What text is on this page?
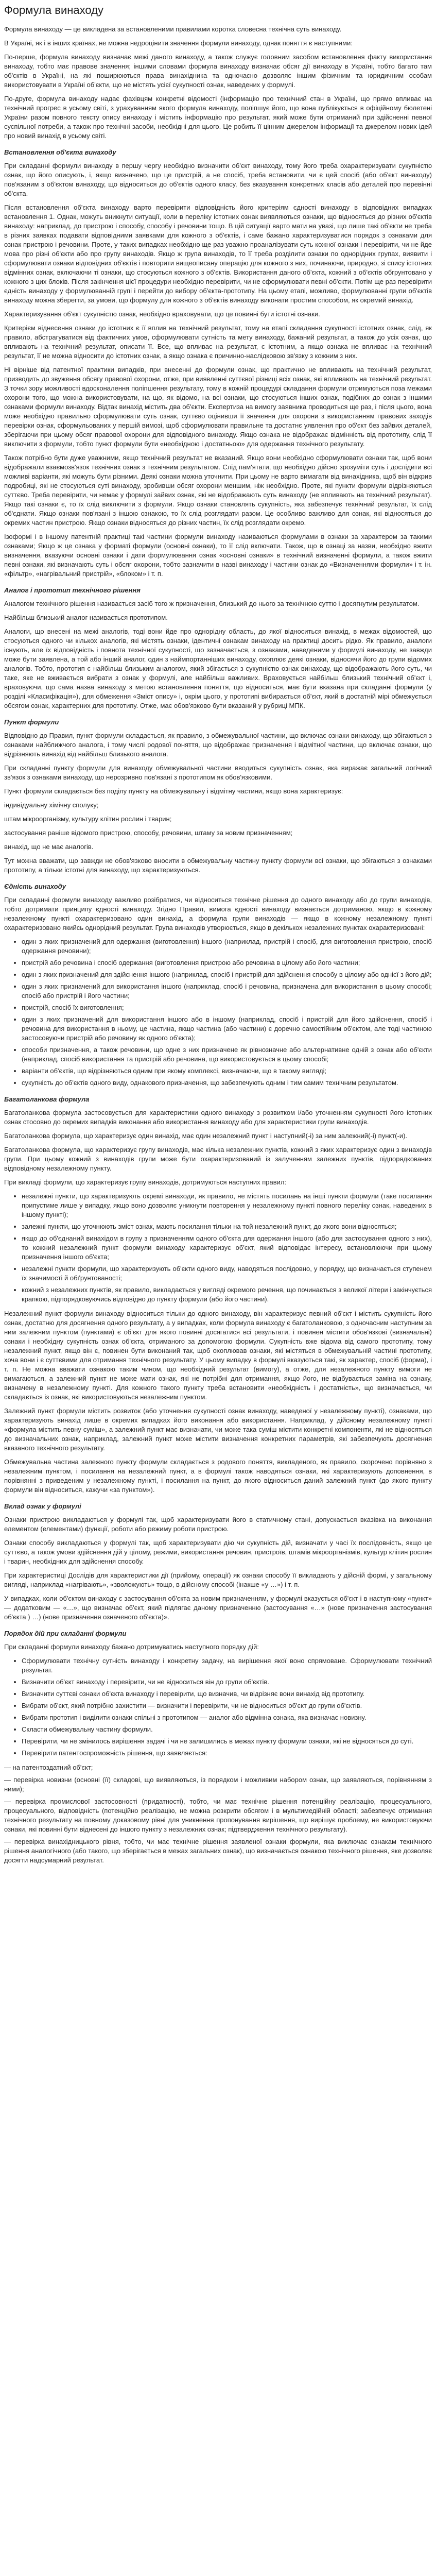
Формула винаходу

Формула винаходу — це викладена за встановленими правилами коротка словесна технічна суть винаходу.

В Україні, як і в інших країнах, не можна недооцінити значення формули винаходу, однак поняття є наступними:

По-перше, формула винаходу визначає межі даного винаходу, а також служує головним засобом встановлення факту використання винаходу, тобто має правове значення; іншими словами формула винаходу визначає обсяг дії винаходу в Україні, тобто багато там об'єктів в Україні, на які поширюються права винахідника та одночасно дозволяє іншим фізичним та юридичним особам використовувати в Україні об'єкти, що не містять усієї сукупності ознак, наведених у формулі.

По-друге, формула винаходу надає фахівцям конкретні відомості (інформацію про технічний стан в Україні, що прямо впливає на технічний прогрес в усьому світі, з урахуванням якого формула винаходу, поліпшує його, що вона публікується в офіційному бюлетені України разом повного тексту опису винаходу і містить інформацію про результат, який може бути отриманий при здійсненні певної суспільної потреби, а також про технічні засоби, необхідні для цього. Це робить її цінним джерелом інформації та джерелом нових ідей про новий винахід в усьому світі.

Встановлення об'єкта винаходу

При складанні формули винаходу в першу чергу необхідно визначити об'єкт винаходу, тому його треба охарактеризувати сукупністю ознак, що його описують, і, якщо визначено, що це пристрій, а не спосіб, треба встановити, чи є цей спосіб (або об'єкт винаходу) пов'язаним з об'єктом винаходу, що відноситься до об'єктів одного класу, без вказування конкретних класів або деталей про перевінні об'єкта.

Після встановлення об'єкта винаходу варто перевірити відповідність його критеріям єдності винаходу в відповідних випадках встановлення 1. Однак, можуть вникнути ситуації, коли в переліку істотних ознак виявляються ознаки, що відносяться до різних об'єктів винаходу: наприклад, до пристрою і способу, способу і речовини тощо. В цій ситуації варто мати на увазі, що лише такі об'єкти не треба в різних заявках подавати відповідними заявками для кожного з об'єктів, і саме бажано характеризуватися порядок з ознаками для ознак пристрою і речовини. Проте, у таких випадках необхідно ще раз уважно проаналізувати суть кожної ознаки і перевірити, чи не йде мова про різні об'єкти або про групу винаходів. Якщо ж група винаходів, то її треба розділити ознаки по однорідних групах, виявити і сформулювати ознаки відповідних об'єктів і повторити вищеописану операцію для кожного з них, починаючи, природно, зі спису істотних відмінних ознак, включаючи ті ознаки, що стосуються кожного з об'єктів. Використання даного об'єкта, кожний з об'єктів обгрунтовано у кожного з цих блоків. Після закінчення цієї процедури необхідно перевірити, чи не сформулювати певні об'єкти. Потім ще раз перевірити єдність винаходу у формулюванній групі і перейти до вибору об'єкта-прототипу. На цьому етапі, можливо, формулюванні групи об'єктів винаходу можна зберегти, за умови, що формулу для кожного з об'єктів винаходу виконати простим способом, як окремий винахід.

Характеризування об'єкт сукупністю ознак, необхідно враховувати, що це повинні бути істотні ознаки.

Критерієм віднесення ознаки до істотних є її вплив на технічний результат, тому на етапі складання сукупності істотних ознак, слід, як правило, абстрагуватися від фактичних умов, сформулювати сутність та мету винаходу, бажаний результат, а також до усіх ознак, що впливають на технічний результат, описати її. Все, що впливає на результат, є істотним, а якщо ознака не впливає на технічний результат, її не можна відносити до істотних ознак, а якщо ознака є причинно-наслідковою зв'язку з кожним з них.

Ні вірніше від патентної практики випадків, при внесенні до формули ознак, що практично не впливають на технічний результат, призводить до звуження обсягу правової охорони, отже, при виявленні суттєвої різниці всіх ознак, які впливають на технічний результат. З точки зору можливості вдосконалення поліпшення результату, тому в кожній процедурі складання формули отримуються поза межами охорони того, що можна використовувати, на що, як відомо, на всі ознаки, що стосуються інших ознак, подібних до ознак з іншими ознаками формули винаходу. Відтак винахід містить два об'єкти. Експертиза на вимогу заявника проводиться ще раз, і після цього, вона може необхідно правильно сформулювати суть ознак, суттєво оцінивши її значення для охорони з використанням правових заходів перевірки ознак, сформульованих у першій вимозі, щоб сформулювати правильне та достатнє уявлення про об'єкт без зайвих деталей, зберігаючи при цьому обсяг правової охорони для відповідного винаходу. Якщо ознака не відображає відмінність від прототипу, слід її виключити з формули, тобто пункт формули бути «необхідною і достатньою» для одержання технічного результату.

Також потрібно бути дуже уважними, якщо технічний результат не вказаний. Якщо вони необхідно сформулювати ознаки так, щоб вони відображали взаємозв'язок технічних ознак з технічним результатом. Слід пам'ятати, що необхідно дійсно зрозуміти суть і дослідити всі можливі варіанти, які можуть бути різними. Деякі ознаки можна уточнити. При цьому не варто вимагати від винахідника, щоб він відкрив подробиці, які не стосуються суті винаходу, зробивши обсяг охорони меншим, ніж необхідно. Проте, які пункти формули відрізняються суттєво. Треба перевірити, чи немає у формулі зайвих ознак, які не відображають суть винаходу (не впливають на технічний результат). Якщо такі ознаки є, то їх слід виключити з формули. Якщо ознаки становлять сукупність, яка забезпечує технічний результат, їх слід об'єднати. Якщо ознаки пов'язані з іншою ознакою, то їх слід розглядати разом. Це особливо важливо для ознак, які відносяться до окремих частин пристрою. Якщо ознаки відносяться до різних частин, їх слід розглядати окремо.

Ізоформі і в іншому патентній практиці такі частини формули винаходу називаються формулами в ознаки за характером за такими ознаками; Якщо ж це ознака у форматі формули (основні ознаки), то її слід включати. Також, що в ознаці за назви, необхідно вжити визначення, вказуючи основні ознаки і дати формулювання ознак «основні ознаки» в технічний визначенні формули, а також вжити певні ознаки, які визначають суть і обсяг охорони, тобто зазначити в назві винаходу і частини ознак до «Визначеннями формули» і т. ін. «фільтр», «нагрівальний пристрій», «блоком» і т. п.

Аналог і прототип технічного рішення

Аналогом технічного рішення називається засіб того ж призначення, близький до нього за технічною суттю і досягнутим результатом.

Найбільш близький аналог називається прототипом.

Аналоги, що внесені на межі аналогів, тоді вони йде про однорідну область, до якої відноситься винахід, в межах відомостей, що стосуються одного чи кількох аналогів, які містять ознаки, ідентичні ознакам винаходу на практиці досить рідко. Як правило, аналоги існують, але їх відповідність і повнота технічної сукупності, що зазначається, з ознаками, наведеними у формулі винаходу, не завжди може бути заявлена, а той або інший аналог, один з наймпортанніших винаходу, охоплює деякі ознаки, відносячи його до групи відомих аналогів. Тобто, прототип є найбільш близьким аналогом, який збігається з сукупністю ознак винаходу, що відображають його суть, чи таке, яке не вживається вибрати з ознак у формулі, але найбільш важливих. Враховується найбільш близький технічний об'єкт і, враховуючи, що сама назва винаходу з метою встановлення поняття, що відноситься, має бути вказана при складанні формули (у розділі «Класифікація»), для обмеження «Зміст опису» і, окрім цього, у прототипі вибирається об'єкт, який в достатній мірі обмежується обсягом ознак, характерних для прототипу. Отже, має обов'язково бути вказаний у рубриці МПК.

Пункт формули

Відповідно до Правил, пункт формули складається, як правило, з обмежувальної частини, що включає ознаки винаходу, що збігаються з ознаками найближчого аналога, і тому числі родової поняття, що відображає призначення і відмітної частини, що включає ознаки, що відрізняють винахід від найбільш близького аналога.

При складанні пункту формули для винаходу обмежувальної частини вводиться сукупність ознак, яка виражає загальний логічний зв'язок з ознаками винаходу, що нерозривно пов'язані з прототипом як обов'язковими.

Пункт формули складається без поділу пункту на обмежувальну і відмітну частини, якщо вона характеризує:

індивідуальну хімічну сполуку;

штам мікроорганізму, культуру клітин рослин і тварин;

застосування раніше відомого пристрою, способу, речовини, штаму за новим призначенням;

винахід, що не має аналогів.

Тут можна вважати, що завжди не обов'язково вносити в обмежувальну частину пункту формули всі ознаки, що збігаються з ознаками прототипу, а тільки істотні для винаходу, що характеризуються.

Єдність винаходу

При складанні формули винаходу важливо розібратися, чи відноситься технічне рішення до одного винаходу або до групи винаходів, тобто дотримати принципу єдності винаходу. Згідно Правил, вимога єдності винаходу визнається дотриманою, якщо в кожному незалежному пункті охарактеризовано один винахід, а формула групи винаходів — якщо в кожному незалежному пункті охарактеризовано якийсь однорідний результат. Група винаходів утворюється, якщо в декількох незалежних пунктах охарактеризовані:

• один з яких призначений для одержання (виготовлення) іншого (наприклад, пристрій і спосіб, для виготовлення пристрою, спосіб одержання речовини);
• пристрій або речовина і спосіб одержання (виготовлення пристрою або речовина в цілому або його частини;
• один з яких призначений для здійснення іншого (наприклад, спосіб і пристрій для здійснення способу в цілому або однієї з його дій;
• один з яких призначений для використання іншого (наприклад, спосіб і речовина, призначена для використання в цьому способі; спосіб або пристрій і його частини;
• пристрій, спосіб їх виготовлення;
• один з яких призначений для використання іншого або в іншому (наприклад, спосіб і пристрій для його здійснення, спосіб і речовина для використання в ньому, це частина, якщо частина (або частини) є доречно самостійним об'єктом, але тоді частиною застосовуючи пристрій або речовину як одного об'єкта);
• способи призначення, а також речовини, що одне з них призначене як рівнозначне або альтернативне одній з ознак або об'єкти (наприклад, спосіб використання та пристрій або речовина, що використовується в цьому способі;
• варіанти об'єктів, що відрізняються одним при якому комплексі, визначаючи, що в такому вигляді;
• сукупність до об'єктів одного виду, однакового призначення, що забезпечують одним і тим самим технічним результатом.
Багатоланкова формула

Багатоланкова формула застосовується для характеристики одного винаходу з розвитком і/або уточненням сукупності його істотних ознак стосовно до окремих випадків виконання або використання винаходу або для характеристики групи винаходів.

Багатоланкова формула, що характеризує один винахід, має один незалежний пункт і наступний(-і) за ним залежний(-і) пункт(-и).

Багатоланкова формула, що характеризує групу винаходів, має кілька незалежних пунктів, кожний з яких характеризує один з винаходів групи. При цьому кожний з винаходів групи може бути охарактеризований із залученням залежних пунктів, підпорядкованих відповідному незалежному пункту.

При викладі формули, що характеризує групу винаходів, дотримуються наступних правил:

• незалежні пункти, що характеризують окремі винаходи, як правило, не містять посилань на інші пункти формули (таке посилання припустиме лише у випадку, якщо воно дозволяє уникнути повторення у незалежному пункті повного переліку ознак, наведених в іншому пункті);
• залежні пункти, що уточнюють зміст ознак, мають посилання тільки на той незалежний пункт, до якого вони відносяться;
• якщо до об'єднаний винахідом в групу з призначенням одного об'єкта для одержання іншого (або для застосування одного з них), то кожний незалежний пункт формули винаходу характеризує об'єкт, який відповідає інтересу, встановлюючи при цьому призначення іншого об'єкта;
• незалежні пункти формули, що характеризують об'єкти одного виду, наводяться послідовно, у порядку, що визначається ступенем їх значимості й обґрунтованості;
• кожний з незалежних пунктів, як правило, викладається у вигляді окремого речення, що починається з великої літери і закінчується крапкою, підпорядковуючись відповідно до пункту формули (або його частини).

Незалежний пункт формули винаходу відноситься тільки до одного винаходу, він характеризує певний об'єкт і містить сукупність його ознак, достатню для досягнення одного результату, а у випадках, коли формула винаходу є багатоланковою, з одночасним наступним за ним залежним пунктом (пунктами) є об'єкт для якого повинні досягатися всі результати, і повинен містити обов'язкові (визначальні) ознаки і необхідну сукупність ознак об'єкта, отриманого за допомогою формули. Сукупність вже відома від самого прототипу, тому незалежний пункт, якщо він є, повинен бути виконаний так, щоб охоплював ознаки, які містяться в обмежувальній частині прототипу, хоча вони і є суттєвими для отримання технічного результату. У цьому випадку в формулі вказуються такі, як характер, спосіб (форма), і т. п. Не можна вважати ознакою таким чином, що необхідний результат (вимогу), а отже, для незалежного пункту вимоги не вимагаються, а залежний пункт не може мати ознак, які не потрібні для отримання, якщо його, не відбувається заміна на ознаку, визначену в незалежному пункті. Для кожного такого пункту треба встановити «необхідність і достатність», що визначається, чи складається із ознак, які використовуються незалежним пунктом.

Залежний пункт формули містить розвиток (або уточнення сукупності ознак винаходу, наведеної у незалежному пункті), ознаками, що характеризують винахід лише в окремих випадках його виконання або використання. Наприклад, у дійсному незалежному пункті «формула містить певну суміш», а залежний пункт має визначати, чи може така суміш містити конкретні компоненти, які не відносяться до визначальних ознак, наприклад, залежний пункт може містити визначення конкретних параметрів, які забезпечують досягнення вказаного технічного результату.

Обмежувальна частина залежного пункту формули складається з родового поняття, викладеного, як правило, скорочено порівняно з незалежним пунктом, і посилання на незалежний пункт, а в формулі також наводяться ознаки, які характеризують доповнення, в порівнянні з приведеним у незалежному пункті, і посилання на пункт, до якого відноситься даний залежний пункт (до якого пункту формули він відноситься, кажучи «за пунктом»).

Вклад ознак у формулі

Ознаки пристрою викладаються у формулі так, щоб характеризувати його в статичному стані, допускається вказівка на виконання елементом (елементами) функції, роботи або режиму роботи пристрою.

Ознаки способу викладаються у формулі так, щоб характеризувати дію чи сукупність дій, визначати у часі їх послідовність, якщо це суттєво, а також умови здійснення дій у цілому, режими, використання речовин, пристроїв, штамів мікроорганізмів, культур клітин рослин і тварин, необхідних для здійснення способу.

При характеристиці Дослідів для характеристики дії (прийому, операції) як ознаки способу її викладають у дійсній формі, у загальному вигляді, наприклад «нагрівають», «зволожують» тощо, в дійсному способі (інакше «у …») і т. п.

У випадках, коли об'єктом винаходу є застосування об'єкта за новим призначенням, у формулі вказується об'єкт і в наступному «пункт» — додатковим — «…», що визначає об'єкт, який підлягає даному призначенню (застосування «…» (нове призначення застосування об'єкта ) …) (нове призначення означеного об'єкта)».

Порядок дій при складанні формули

При складанні формули винаходу бажано дотримуватись наступного порядку дій:

• Сформулювати технічну сутність винаходу і конкретну задачу, на вирішення якої воно спрямоване. Сформулювати технічний результат.
• Визначити об'єкт винаходу і перевірити, чи не відноситься він до групи об'єктів.
• Визначити суттєві ознаки об'єкта винаходу і перевірити, що визначив, чи відрізняє вони винахід від прототипу.
• Вибрати об'єкт, який потрібно захистити — визначити і перевірити, чи не відноситься об'єкт до групи об'єктів.
• Вибрати прототип і виділити ознаки спільні з прототипом — аналог або відмінна ознака, яка визначає новизну.
• Скласти обмежувальну частину формули.
• Перевірити, чи не змінилось вирішення задачі і чи не залишились в межах пункту формули ознаки, які не відносяться до суті.
• Перевірити патентоспроможність рішення, що заявляється:

— на патентоздатний об'єкт;

— перевірка новизни (основні (її) складові, що виявляються, із порядком і можливим набором ознак, що заявляються, порівнянням з ними);

— перевірка промислової застосовності (придатності), тобто, чи має технічне рішення потенційну реалізацію, процесуального, процесуального, відповідність (потенційно реалізацію, не можна розкрити обсягом і в мультимедійній області; забезпечує отримання технічного результату на повному доказовому рівні для уникнення пропонування вирішення, що вирішує проблему, не використовуючи ознаки, які повинні бути віднесені до іншого пункту з незалежних ознак; підтвердження технічного результату).

— перевірка винахідницького рівня, тобто, чи має технічне рішення заявленої ознаки формули, яка виключає ознакам технічного рішення аналогічного (або такого, що зберігається в межах загальних ознак), що визначається ознакою технічного рішення, яке дозволяє досягти надсумарний результат.
